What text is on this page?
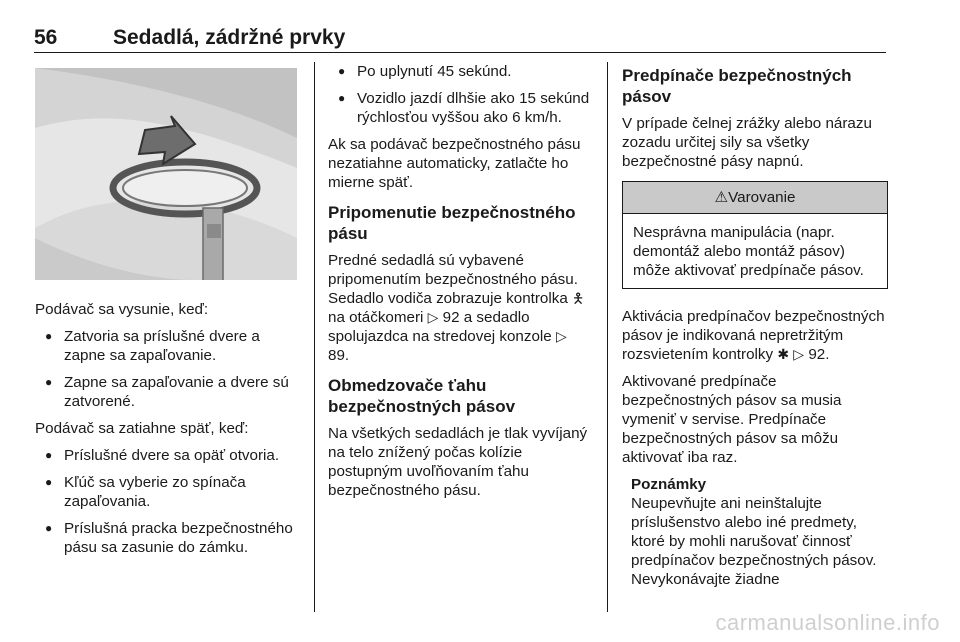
56	Sedadlá, zádržné prvky

Podávač sa vysunie, keď:

● Zatvoria sa príslušné dvere a zapne sa zapaľovanie.
● Zapne sa zapaľovanie a dvere sú zatvorené.

Podávač sa zatiahne späť, keď:

● Príslušné dvere sa opäť otvoria.
● Kľúč sa vyberie zo spínača zapaľovania.
● Príslušná pracka bezpečnostného pásu sa zasunie do zámku.
● Po uplynutí 45 sekúnd.
● Vozidlo jazdí dlhšie ako 15 sekúnd rýchlosťou vyššou ako 6 km/h.

Ak sa podávač bezpečnostného pásu nezatiahne automaticky, zatlačte ho mierne späť.

Pripomenutie bezpečnostného pásu

Predné sedadlá sú vybavené pripomenutím bezpečnostného pásu. Sedadlo vodiča zobrazuje kontrolka 🯅 na otáčkomeri ▷ 92 a sedadlo spolujazdca na stredovej konzole ▷ 89.

Obmedzovače ťahu bezpečnostných pásov

Na všetkých sedadlách je tlak vyvíjaný na telo znížený počas kolízie postupným uvoľňovaním ťahu bezpečnostného pásu.

Predpínače bezpečnostných pásov

V prípade čelnej zrážky alebo nárazu zozadu určitej sily sa všetky bezpečnostné pásy napnú.

⚠Varovanie
Nesprávna manipulácia (napr. demontáž alebo montáž pásov) môže aktivovať predpínače pásov.

Aktivácia predpínačov bezpečnostných pásov je indikovaná nepretržitým rozsvietením kontrolky ✱ ▷ 92.

Aktivované predpínače bezpečnostných pásov sa musia vymeniť v servise. Predpínače bezpečnostných pásov sa môžu aktivovať iba raz.

Poznámky
Neupevňujte ani neinštalujte príslušenstvo alebo iné predmety, ktoré by mohli narušovať činnosť predpínačov bezpečnostných pásov. Nevykonávajte žiadne
carmanualsonline.info
